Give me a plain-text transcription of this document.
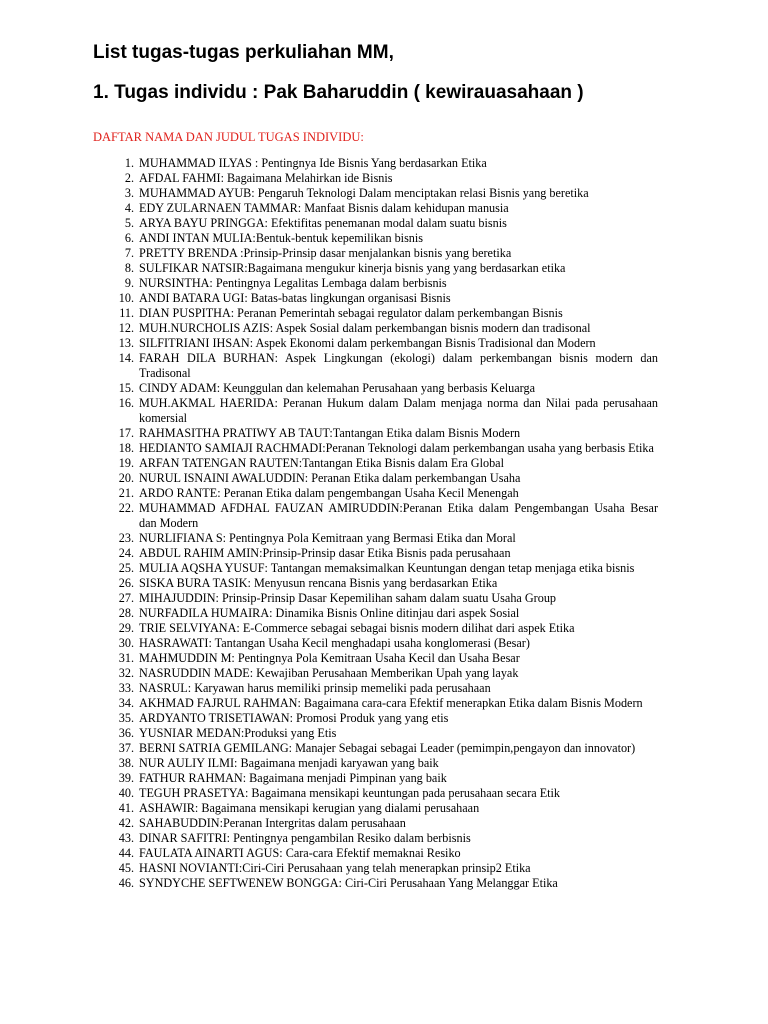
List tugas-tugas perkuliahan MM,
1. Tugas individu : Pak Baharuddin ( kewirauasahaan )
DAFTAR NAMA DAN JUDUL TUGAS INDIVIDU:
1. MUHAMMAD ILYAS : Pentingnya Ide Bisnis Yang berdasarkan Etika
2. AFDAL FAHMI: Bagaimana Melahirkan ide Bisnis
3. MUHAMMAD AYUB: Pengaruh Teknologi Dalam menciptakan relasi Bisnis yang beretika
4. EDY ZULARNAEN TAMMAR: Manfaat Bisnis dalam kehidupan manusia
5. ARYA BAYU PRINGGA: Efektifitas penemanan modal dalam suatu bisnis
6. ANDI INTAN MULIA:Bentuk-bentuk kepemilikan bisnis
7. PRETTY BRENDA :Prinsip-Prinsip dasar menjalankan bisnis yang beretika
8. SULFIKAR NATSIR:Bagaimana mengukur kinerja bisnis yang yang berdasarkan etika
9. NURSINTHA: Pentingnya Legalitas Lembaga dalam berbisnis
10. ANDI BATARA UGI: Batas-batas lingkungan organisasi Bisnis
11. DIAN PUSPITHA: Peranan Pemerintah sebagai regulator dalam perkembangan Bisnis
12. MUH.NURCHOLIS AZIS: Aspek Sosial dalam perkembangan bisnis modern dan tradisonal
13. SILFITRIANI IHSAN: Aspek Ekonomi dalam perkembangan Bisnis Tradisional dan Modern
14. FARAH DILA BURHAN: Aspek Lingkungan (ekologi) dalam perkembangan bisnis modern dan Tradisonal
15. CINDY ADAM: Keunggulan dan kelemahan Perusahaan yang berbasis Keluarga
16. MUH.AKMAL HAERIDA: Peranan Hukum dalam Dalam menjaga norma dan Nilai pada perusahaan komersial
17. RAHMASITHA PRATIWY AB TAUT:Tantangan Etika dalam Bisnis Modern
18. HEDIANTO SAMIAJI RACHMADI:Peranan Teknologi dalam perkembangan usaha yang berbasis Etika
19. ARFAN TATENGAN RAUTEN:Tantangan Etika Bisnis dalam Era Global
20. NURUL ISNAINI AWALUDDIN: Peranan Etika dalam perkembangan Usaha
21. ARDO RANTE: Peranan Etika dalam pengembangan Usaha Kecil Menengah
22. MUHAMMAD AFDHAL FAUZAN AMIRUDDIN:Peranan Etika dalam Pengembangan Usaha Besar dan Modern
23. NURLIFIANA S: Pentingnya Pola Kemitraan yang Bermasi Etika dan Moral
24. ABDUL RAHIM AMIN:Prinsip-Prinsip dasar Etika Bisnis pada perusahaan
25. MULIA AQSHA YUSUF: Tantangan memaksimalkan Keuntungan dengan tetap menjaga etika bisnis
26. SISKA BURA TASIK: Menyusun rencana Bisnis yang berdasarkan Etika
27. MIHAJUDDIN: Prinsip-Prinsip Dasar Kepemilihan saham dalam suatu Usaha Group
28. NURFADILA HUMAIRA: Dinamika Bisnis Online ditinjau dari aspek Sosial
29. TRIE SELVIYANA: E-Commerce sebagai sebagai bisnis modern dilihat dari aspek Etika
30. HASRAWATI: Tantangan Usaha Kecil menghadapi usaha konglomerasi (Besar)
31. MAHMUDDIN M: Pentingnya Pola Kemitraan Usaha Kecil dan Usaha Besar
32. NASRUDDIN MADE: Kewajiban Perusahaan Memberikan Upah yang layak
33. NASRUL: Karyawan harus memiliki prinsip memeliki pada perusahaan
34. AKHMAD FAJRUL RAHMAN: Bagaimana cara-cara Efektif menerapkan Etika dalam Bisnis Modern
35. ARDYANTO TRISETIAWAN: Promosi Produk yang yang etis
36. YUSNIAR MEDAN:Produksi yang Etis
37. BERNI SATRIA GEMILANG: Manajer Sebagai sebagai Leader (pemimpin,pengayon dan innovator)
38. NUR AULIY ILMI: Bagaimana menjadi karyawan yang baik
39. FATHUR RAHMAN: Bagaimana menjadi Pimpinan yang baik
40. TEGUH PRASETYA: Bagaimana mensikapi keuntungan pada perusahaan secara Etik
41. ASHAWIR: Bagaimana mensikapi kerugian yang dialami perusahaan
42. SAHABUDDIN:Peranan Intergritas dalam perusahaan
43. DINAR SAFITRI: Pentingnya pengambilan Resiko dalam berbisnis
44. FAULATA AINARTI AGUS: Cara-cara Efektif memaknai Resiko
45. HASNI NOVIANTI:Ciri-Ciri Perusahaan yang telah menerapkan prinsip2 Etika
46. SYNDYCHE SEFTWENEW BONGGA: Ciri-Ciri Perusahaan Yang Melanggar Etika
